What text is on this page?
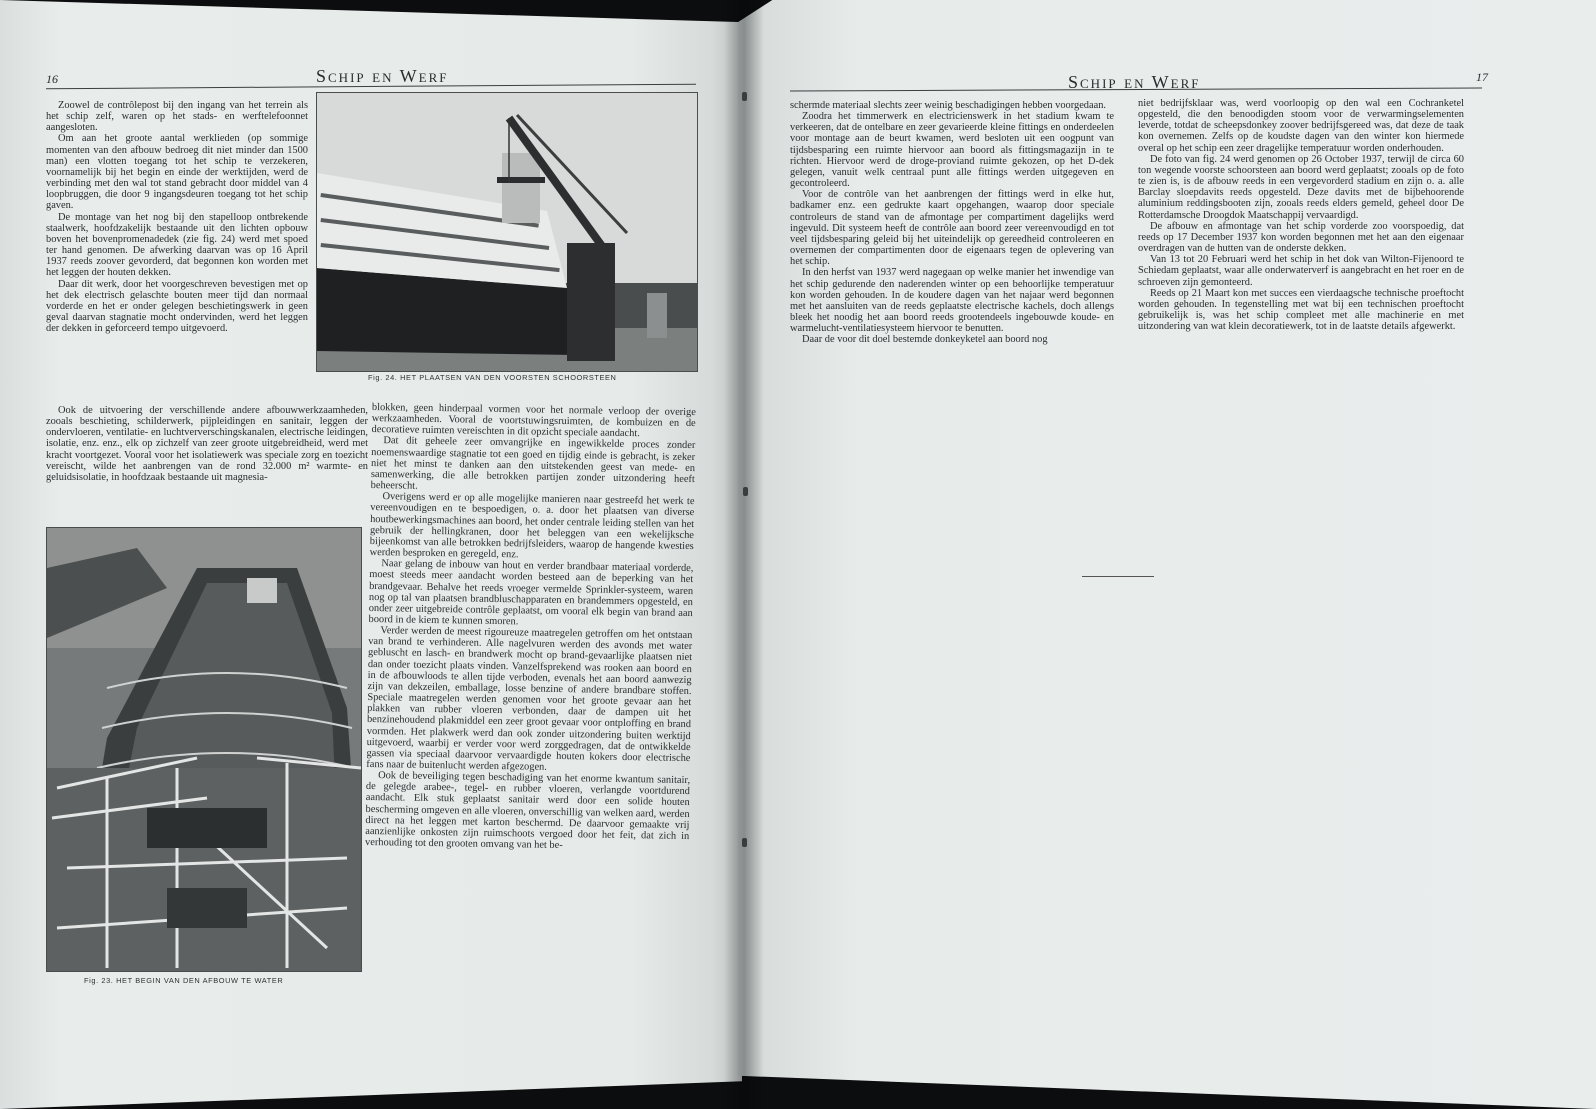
16	Schip en Werf	Schip en Werf	17

Zoowel de contrôlepost bij den ingang van het terrein als het schip zelf, waren op het stads- en werftelefoonnet aangesloten.

Om aan het groote aantal werklieden (op sommige momenten van den afbouw bedroeg dit niet minder dan 1500 man) een vlotten toegang tot het schip te verzekeren, voornamelijk bij het begin en einde der werktijden, werd de verbinding met den wal tot stand gebracht door middel van 4 loopbruggen, die door 9 ingangsdeuren toegang tot het schip gaven.

De montage van het nog bij den stapelloop ontbrekende staalwerk, hoofdzakelijk bestaande uit den lichten opbouw boven het bovenpromenadedek (zie fig. 24) werd met spoed ter hand genomen. De afwerking daarvan was op 16 April 1937 reeds zoover gevorderd, dat begonnen kon worden met het leggen der houten dekken.

Daar dit werk, door het voorgeschreven bevestigen met op het dek electrisch gelaschte bouten meer tijd dan normaal vorderde en het er onder gelegen beschietingswerk in geen geval daarvan stagnatie mocht ondervinden, werd het leggen der dekken in geforceerd tempo uitgevoerd.

Ook de uitvoering der verschillende andere afbouwwerkzaamheden, zooals beschieting, schilderwerk, pijpleidingen en sanitair, leggen der ondervloeren, ventilatie- en luchtververschingskanalen, electrische leidingen, isolatie, enz. enz., elk op zichzelf van zeer groote uitgebreidheid, werd met kracht voortgezet. Vooral voor het isolatiewerk was speciale zorg en toezicht vereischt, wilde het aanbrengen van de rond 32.000 m² warmte- en geluidsisolatie, in hoofdzaak bestaande uit magnesia-

Fig. 24. HET PLAATSEN VAN DEN VOORSTEN SCHOORSTEEN

blokken, geen hinderpaal vormen voor het normale verloop der overige werkzaamheden. Vooral de voortstuwingsruimten, de kombuizen en de decoratieve ruimten vereischten in dit opzicht speciale aandacht.

Dat dit geheele zeer omvangrijke en ingewikkelde proces zonder noemenswaardige stagnatie tot een goed en tijdig einde is gebracht, is zeker niet het minst te danken aan den uitstekenden geest van mede- en samenwerking, die alle betrokken partijen zonder uitzondering heeft beheerscht.

Overigens werd er op alle mogelijke manieren naar gestreefd het werk te vereenvoudigen en te bespoedigen, o. a. door het plaatsen van diverse houtbewerkingsmachines aan boord, het onder centrale leiding stellen van het gebruik der hellingkranen, door het beleggen van een wekelijksche bijeenkomst van alle betrokken bedrijfsleiders, waarop de hangende kwesties werden besproken en geregeld, enz.

Naar gelang de inbouw van hout en verder brandbaar materiaal vorderde, moest steeds meer aandacht worden besteed aan de beperking van het brandgevaar. Behalve het reeds vroeger vermelde Sprinkler-systeem, waren nog op tal van plaatsen brandbluschapparaten en brandemmers opgesteld, en onder zeer uitgebreide contrôle geplaatst, om vooral elk begin van brand aan boord in de kiem te kunnen smoren.

Verder werden de meest rigoureuze maatregelen getroffen om het ontstaan van brand te verhinderen. Alle nagelvuren werden des avonds met water gebluscht en lasch- en brandwerk mocht op brand-gevaarlijke plaatsen niet dan onder toezicht plaats vinden. Vanzelfsprekend was rooken aan boord en in de afbouwloods te allen tijde verboden, evenals het aan boord aanwezig zijn van dekzeilen, emballage, losse benzine of andere brandbare stoffen. Speciale maatregelen werden genomen voor het groote gevaar aan het plakken van rubber vloeren verbonden, daar de dampen uit het benzinehoudend plakmiddel een zeer groot gevaar voor ontploffing en brand vormden. Het plakwerk werd dan ook zonder uitzondering buiten werktijd uitgevoerd, waarbij er verder voor werd zorggedragen, dat de ontwikkelde gassen via speciaal daarvoor vervaardigde houten kokers door electrische fans naar de buitenlucht werden afgezogen.

Ook de beveiliging tegen beschadiging van het enorme kwantum sanitair, de gelegde arabee-, tegel- en rubber vloeren, verlangde voortdurend aandacht. Elk stuk geplaatst sanitair werd door een solide houten bescherming omgeven en alle vloeren, onverschillig van welken aard, werden direct na het leggen met karton beschermd. De daarvoor gemaakte vrij aanzienlijke onkosten zijn ruimschoots vergoed door het feit, dat zich in verhouding tot den grooten omvang van het be-

Fig. 23. HET BEGIN VAN DEN AFBOUW TE WATER

schermde materiaal slechts zeer weinig beschadigingen hebben voorgedaan.

Zoodra het timmerwerk en electricienswerk in het stadium kwam te verkeeren, dat de ontelbare en zeer gevarieerde kleine fittings en onderdeelen voor montage aan de beurt kwamen, werd besloten uit een oogpunt van tijdsbesparing een ruimte hiervoor aan boord als fittingsmagazijn in te richten. Hiervoor werd de droge-proviand ruimte gekozen, op het D-dek gelegen, vanuit welk centraal punt alle fittings werden uitgegeven en gecontroleerd.

Voor de contrôle van het aanbrengen der fittings werd in elke hut, badkamer enz. een gedrukte kaart opgehangen, waarop door speciale controleurs de stand van de afmontage per compartiment dagelijks werd ingevuld. Dit systeem heeft de contrôle aan boord zeer vereenvoudigd en tot veel tijdsbesparing geleid bij het uiteindelijk op gereedheid controleeren en overnemen der compartimenten door de eigenaars tegen de oplevering van het schip.

In den herfst van 1937 werd nagegaan op welke manier het inwendige van het schip gedurende den naderenden winter op een behoorlijke temperatuur kon worden gehouden. In de koudere dagen van het najaar werd begonnen met het aansluiten van de reeds geplaatste electrische kachels, doch allengs bleek het noodig het aan boord reeds grootendeels ingebouwde koude- en warmelucht-ventilatiesysteem hiervoor te benutten.

Daar de voor dit doel bestemde donkeyketel aan boord nog

niet bedrijfsklaar was, werd voorloopig op den wal een Cochranketel opgesteld, die den benoodigden stoom voor de verwarmingselementen leverde, totdat de scheepsdonkey zoover bedrijfsgereed was, dat deze de taak kon overnemen. Zelfs op de koudste dagen van den winter kon hiermede overal op het schip een zeer dragelijke temperatuur worden onderhouden.

De foto van fig. 24 werd genomen op 26 October 1937, terwijl de circa 60 ton wegende voorste schoorsteen aan boord werd geplaatst; zooals op de foto te zien is, is de afbouw reeds in een vergevorderd stadium en zijn o. a. alle Barclay sloepdavits reeds opgesteld. Deze davits met de bijbehoorende aluminium reddingsbooten zijn, zooals reeds elders gemeld, geheel door De Rotterdamsche Droogdok Maatschappij vervaardigd.

De afbouw en afmontage van het schip vorderde zoo voorspoedig, dat reeds op 17 December 1937 kon worden begonnen met het aan den eigenaar overdragen van de hutten van de onderste dekken.

Van 13 tot 20 Februari werd het schip in het dok van Wilton-Fijenoord te Schiedam geplaatst, waar alle onderwaterverf is aangebracht en het roer en de schroeven zijn gemonteerd.

Reeds op 21 Maart kon met succes een vierdaagsche technische proeftocht worden gehouden. In tegenstelling met wat bij een technischen proeftocht gebruikelijk is, was het schip compleet met alle machinerie en met uitzondering van wat klein decoratiewerk, tot in de laatste details afgewerkt.
